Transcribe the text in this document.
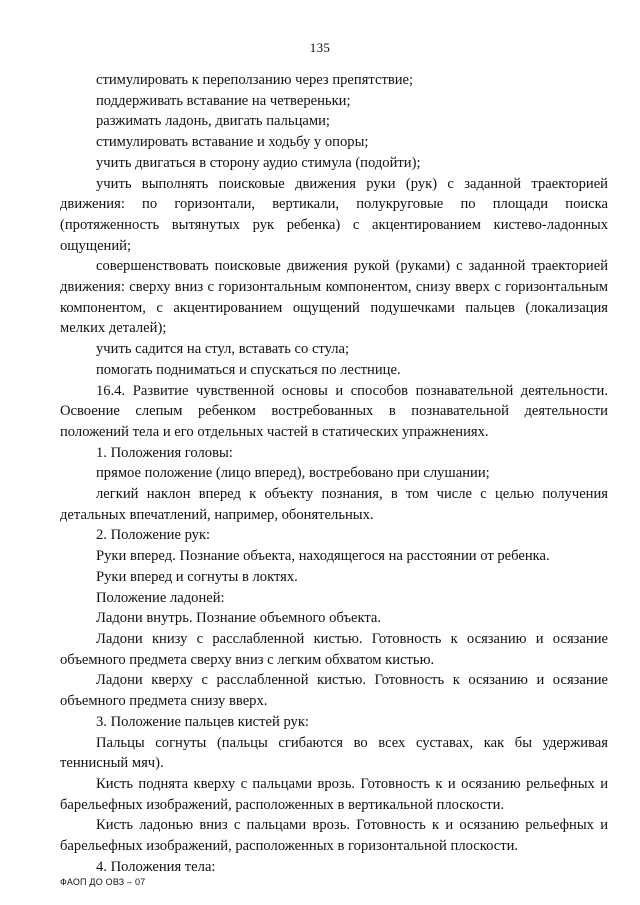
135

стимулировать к переползанию через препятствие;

поддерживать вставание на четвереньки;

разжимать ладонь, двигать пальцами;

стимулировать вставание и ходьбу у опоры;

учить двигаться в сторону аудио стимула (подойти);

учить выполнять поисковые движения руки (рук) с заданной траекторией движения: по горизонтали, вертикали, полукруговые по площади поиска (протяженность вытянутых рук ребенка) с акцентированием кистево-ладонных ощущений;

совершенствовать поисковые движения рукой (руками) с заданной траекторией движения: сверху вниз с горизонтальным компонентом, снизу вверх с горизонтальным компонентом, с акцентированием ощущений подушечками пальцев (локализация мелких деталей);

учить садится на стул, вставать со стула;

помогать подниматься и спускаться по лестнице.

16.4. Развитие чувственной основы и способов познавательной деятельности. Освоение слепым ребенком востребованных в познавательной деятельности положений тела и его отдельных частей в статических упражнениях.

1. Положения головы:

прямое положение (лицо вперед), востребовано при слушании;

легкий наклон вперед к объекту познания, в том числе с целью получения детальных впечатлений, например, обонятельных.

2. Положение рук:

Руки вперед. Познание объекта, находящегося на расстоянии от ребенка.

Руки вперед и согнуты в локтях.

Положение ладоней:

Ладони внутрь. Познание объемного объекта.

Ладони книзу с расслабленной кистью. Готовность к осязанию и осязание объемного предмета сверху вниз с легким обхватом кистью.

Ладони кверху с расслабленной кистью. Готовность к осязанию и осязание объемного предмета снизу вверх.

3. Положение пальцев кистей рук:

Пальцы согнуты (пальцы сгибаются во всех суставах, как бы удерживая теннисный мяч).

Кисть поднята кверху с пальцами врозь. Готовность к и осязанию рельефных и барельефных изображений, расположенных в вертикальной плоскости.

Кисть ладонью вниз с пальцами врозь. Готовность к и осязанию рельефных и барельефных изображений, расположенных в горизонтальной плоскости.

4. Положения тела:

ФАОП ДО ОВЗ – 07
